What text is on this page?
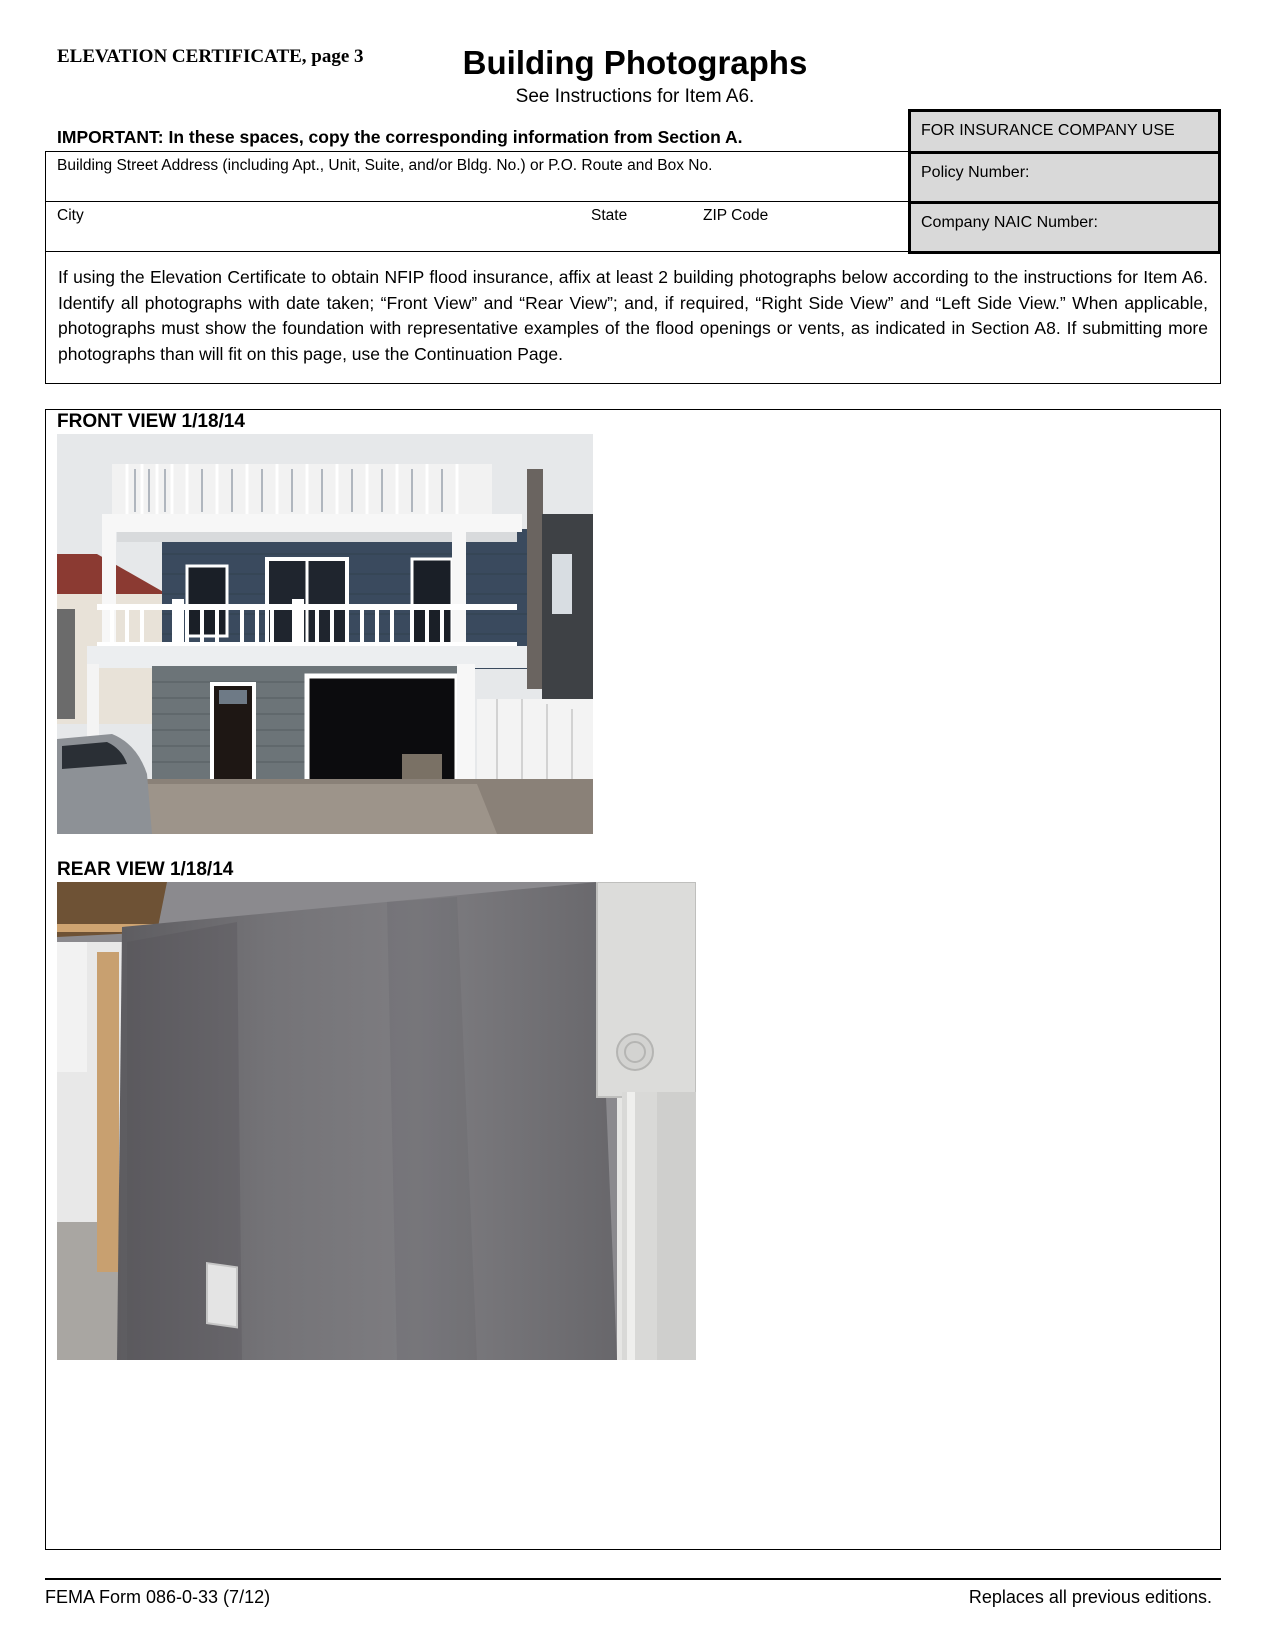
ELEVATION CERTIFICATE, page 3	Building Photographs
See Instructions for Item A6.
IMPORTANT: In these spaces, copy the corresponding information from Section A.
Building Street Address (including Apt., Unit, Suite, and/or Bldg. No.) or P.O. Route and Box No.
City	State	ZIP Code
FOR INSURANCE COMPANY USE
Policy Number:
Company NAIC Number:
If using the Elevation Certificate to obtain NFIP flood insurance, affix at least 2 building photographs below according to the instructions for Item A6. Identify all photographs with date taken; “Front View” and “Rear View”; and, if required, “Right Side View” and “Left Side View.” When applicable, photographs must show the foundation with representative examples of the flood openings or vents, as indicated in Section A8. If submitting more photographs than will fit on this page, use the Continuation Page.
FRONT VIEW 1/18/14
REAR VIEW 1/18/14
FEMA Form 086-0-33 (7/12)	Replaces all previous editions.
